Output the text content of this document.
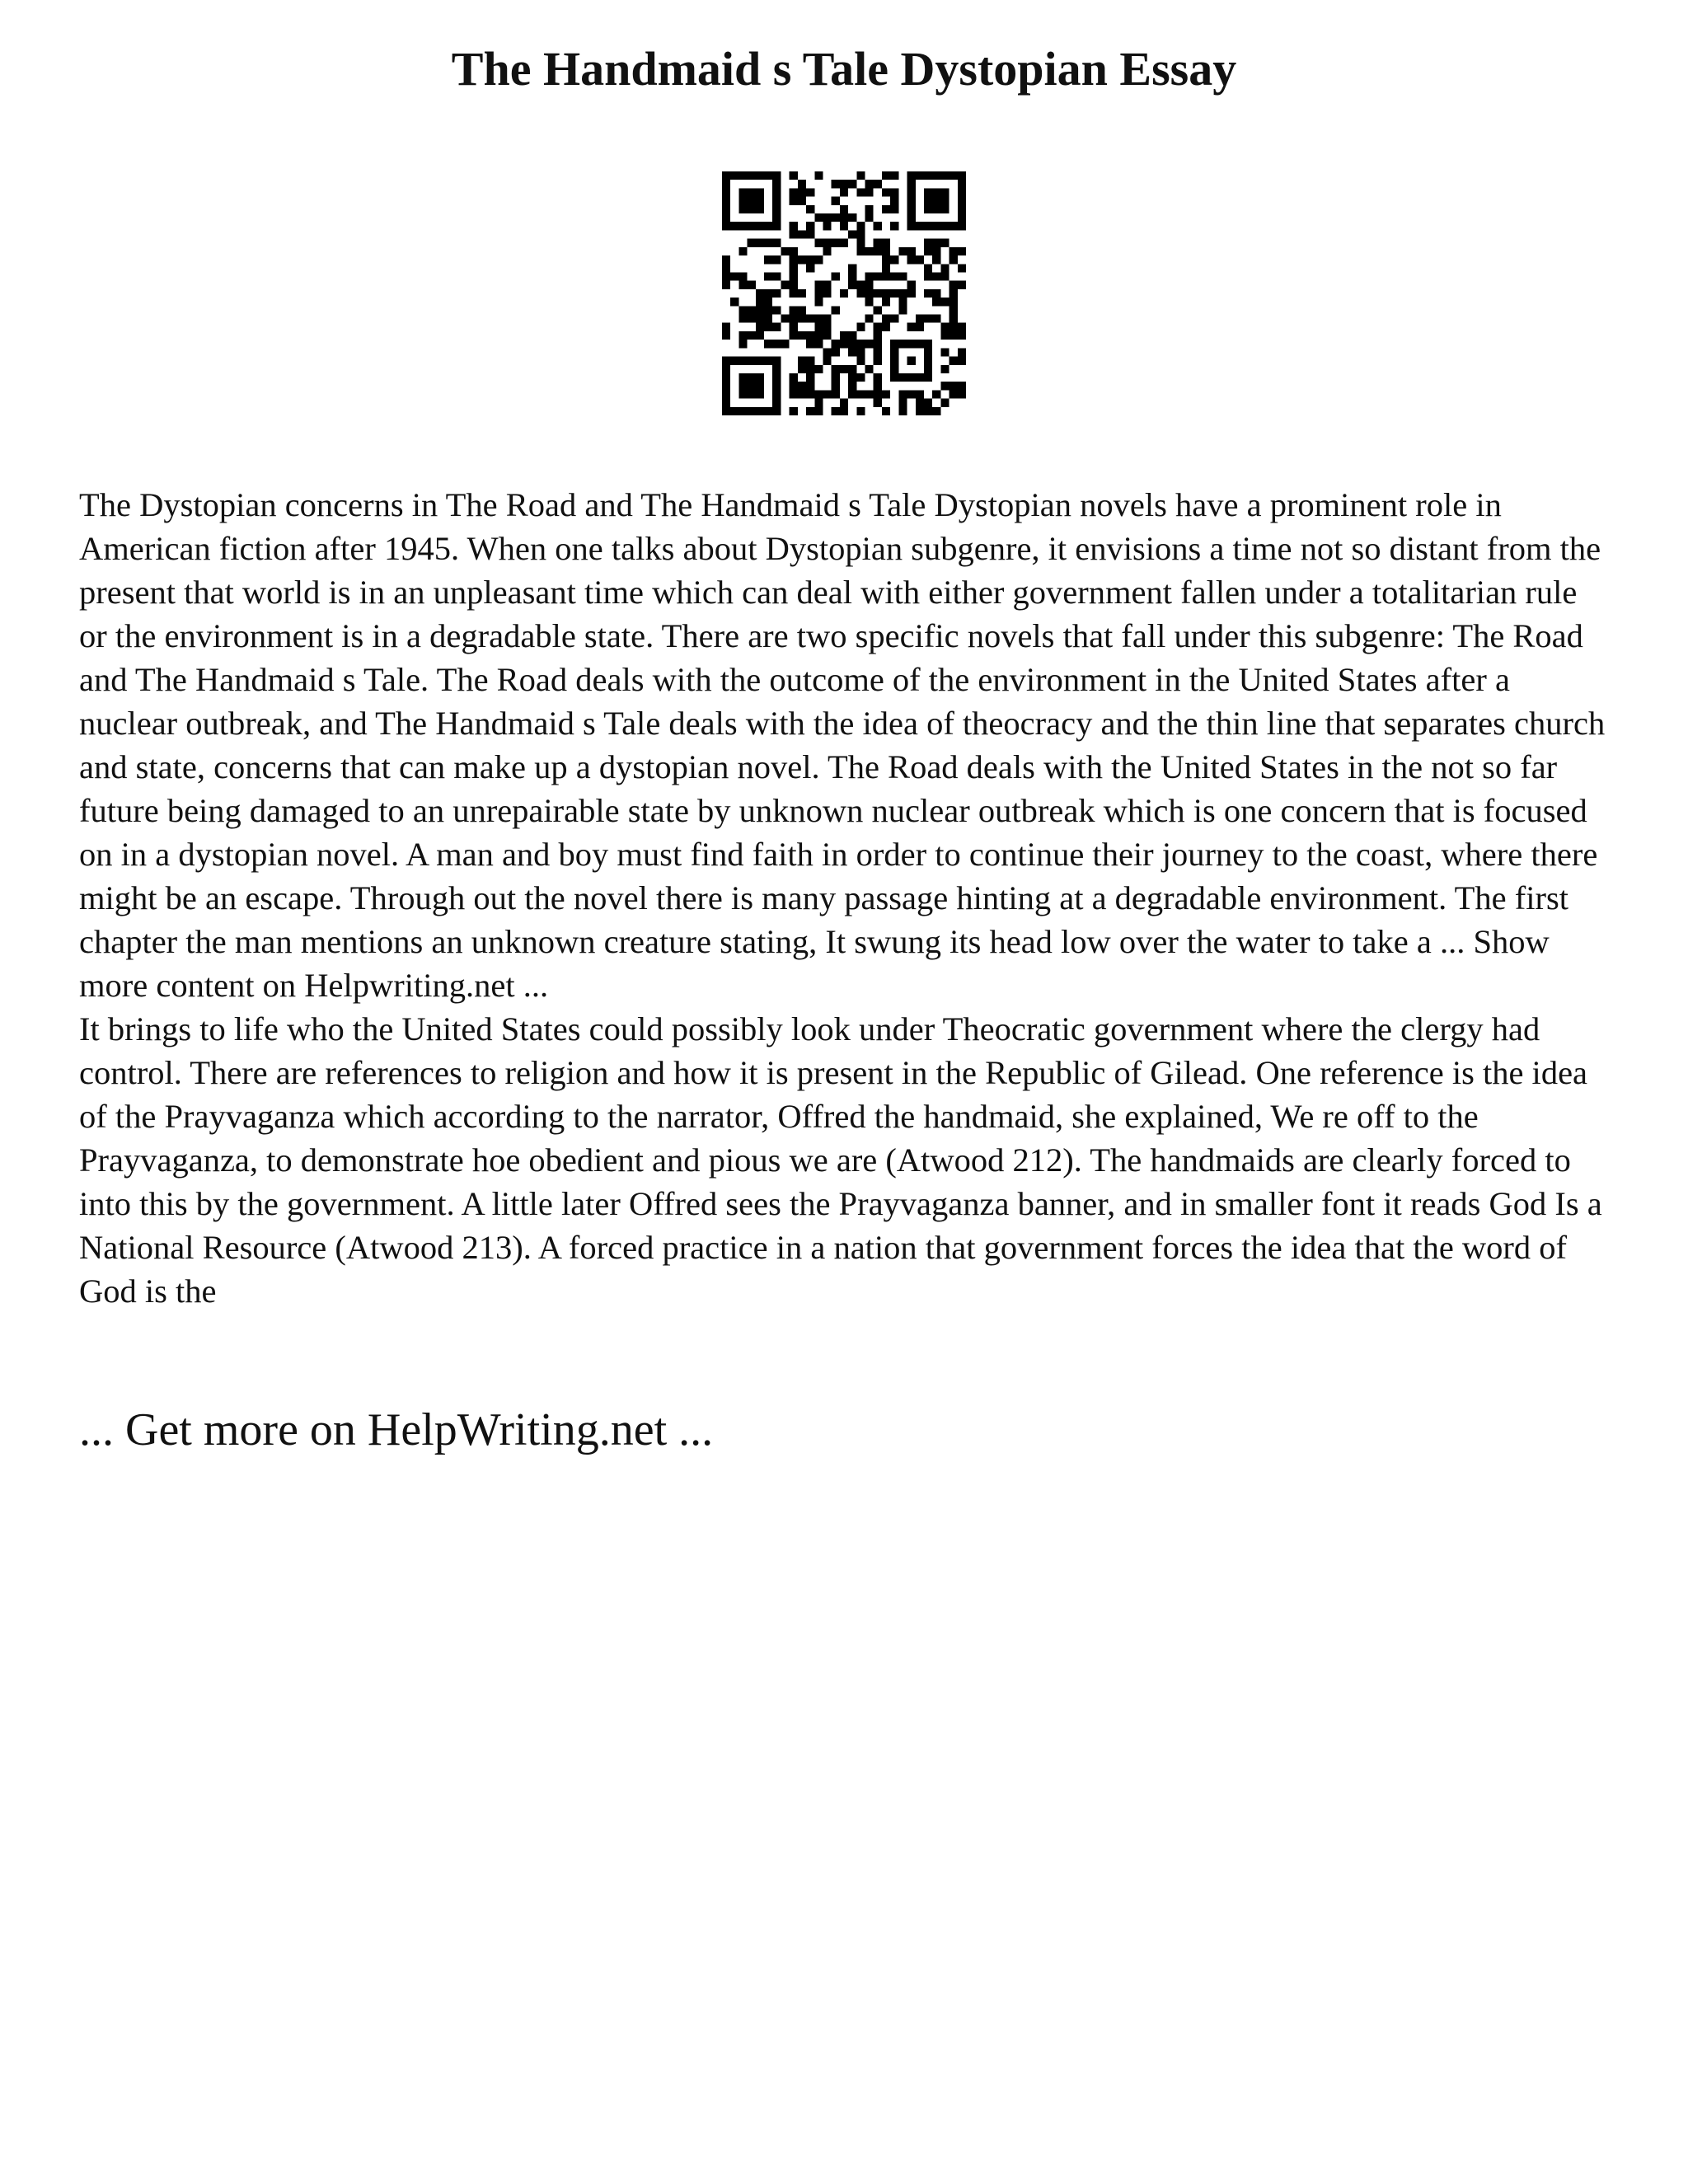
The Handmaid s Tale Dystopian Essay

The Dystopian concerns in The Road and The Handmaid s Tale Dystopian novels have a prominent role in American fiction after 1945. When one talks about Dystopian subgenre, it envisions a time not so distant from the present that world is in an unpleasant time which can deal with either government fallen under a totalitarian rule or the environment is in a degradable state. There are two specific novels that fall under this subgenre: The Road and The Handmaid s Tale. The Road deals with the outcome of the environment in the United States after a nuclear outbreak, and The Handmaid s Tale deals with the idea of theocracy and the thin line that separates church and state, concerns that can make up a dystopian novel. The Road deals with the United States in the not so far future being damaged to an unrepairable state by unknown nuclear outbreak which is one concern that is focused on in a dystopian novel. A man and boy must find faith in order to continue their journey to the coast, where there might be an escape. Through out the novel there is many passage hinting at a degradable environment. The first chapter the man mentions an unknown creature stating, It swung its head low over the water to take a ... Show more content on Helpwriting.net ...

It brings to life who the United States could possibly look under Theocratic government where the clergy had control. There are references to religion and how it is present in the Republic of Gilead. One reference is the idea of the Prayvaganza which according to the narrator, Offred the handmaid, she explained, We re off to the Prayvaganza, to demonstrate hoe obedient and pious we are (Atwood 212). The handmaids are clearly forced to into this by the government. A little later Offred sees the Prayvaganza banner, and in smaller font it reads God Is a National Resource (Atwood 213). A forced practice in a nation that government forces the idea that the word of God is the

... Get more on HelpWriting.net ...
